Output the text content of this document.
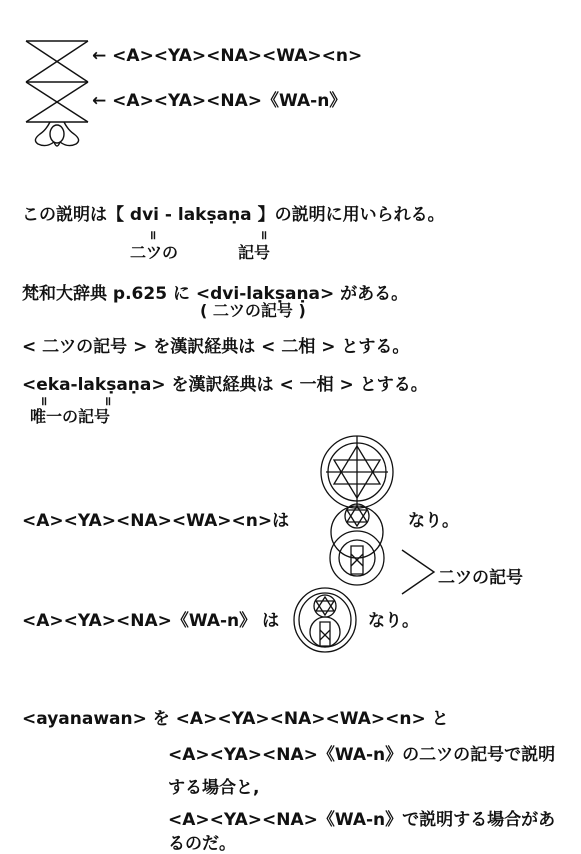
← <A><YA><NA><WA><n>
← <A><YA><NA>《WA-n》
この説明は【 dvi - lakṣaṇa 】の説明に用いられる。
॥	॥
二ツの	記号
梵和大辞典 p.625 に <dvi-lakṣaṇa> がある。
( 二ツの記号 )
< 二ツの記号 > を漢訳経典は < 二相 > とする。
<eka-lakṣaṇa> を漢訳経典は < 一相 > とする。
॥	॥
唯一の記号
<A><YA><NA><WA><n>は	なり。
二ツの記号
<A><YA><NA>《WA-n》 は	なり。
<ayanawan> を <A><YA><NA><WA><n> と
<A><YA><NA>《WA-n》の二ツの記号で説明
する場合と,
<A><YA><NA>《WA-n》で説明する場合があ
るのだ。
